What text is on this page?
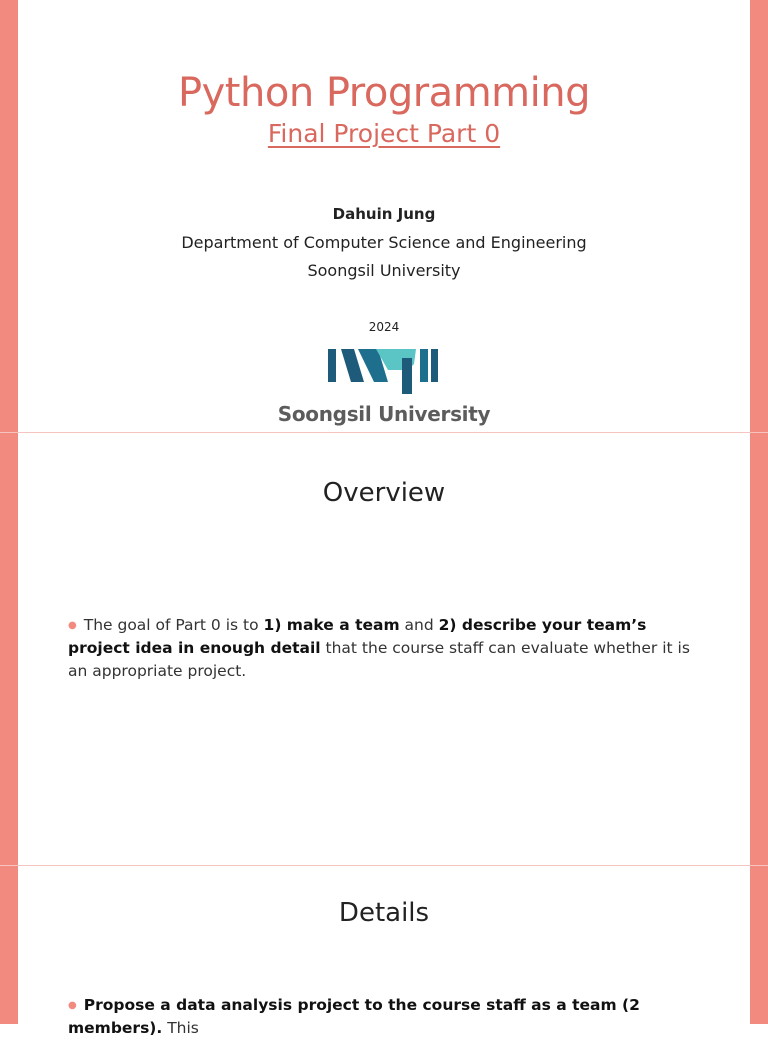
Python Programming
Final Project Part 0
Dahuin Jung
Department of Computer Science and Engineering
Soongsil University
2024
Soongsil University
Overview
● The goal of Part 0 is to 1) make a team and 2) describe your team’s project idea in enough detail that the course staff can evaluate whether it is an appropriate project.
Details
● Propose a data analysis project to the course staff as a team (2 members). This
